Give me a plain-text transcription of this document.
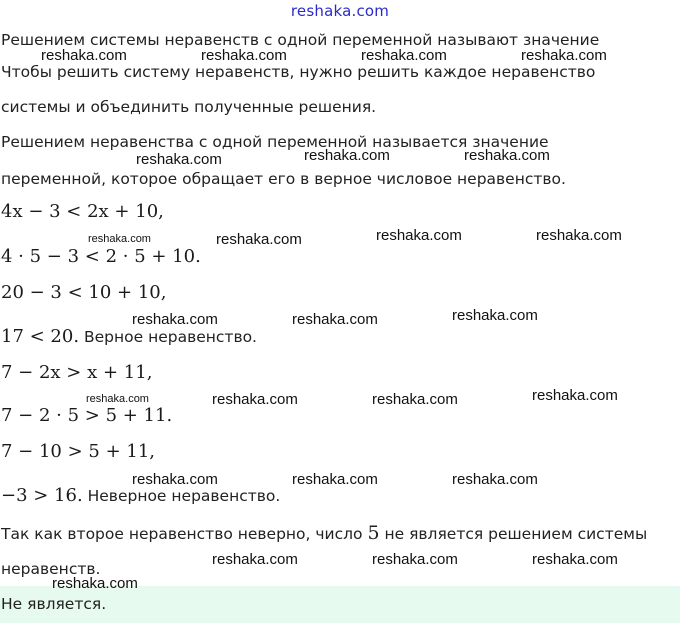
reshaka.com
Решением системы неравенств с одной переменной называют значение
Чтобы решить систему неравенств, нужно решить каждое неравенство
системы и объединить полученные решения.
Решением неравенства с одной переменной называется значение
переменной, которое обращает его в верное числовое неравенство.
4x − 3 < 2x + 10,
4 · 5 − 3 < 2 · 5 + 10.
20 − 3 < 10 + 10,
17 < 20. Верное неравенство.
7 − 2x > x + 11,
7 − 2 · 5 > 5 + 11.
7 − 10 > 5 + 11,
−3 > 16. Неверное неравенство.
Так как второе неравенство неверно, число 5 не является решением системы
неравенств.
reshaka.com	reshaka.com	reshaka.com	reshaka.com
reshaka.com	reshaka.com	reshaka.com
reshaka.com	reshaka.com	reshaka.com	reshaka.com
reshaka.com	reshaka.com	reshaka.com
reshaka.com	reshaka.com	reshaka.com	reshaka.com
reshaka.com	reshaka.com	reshaka.com
reshaka.com	reshaka.com	reshaka.com
Не является.
reshaka.com
